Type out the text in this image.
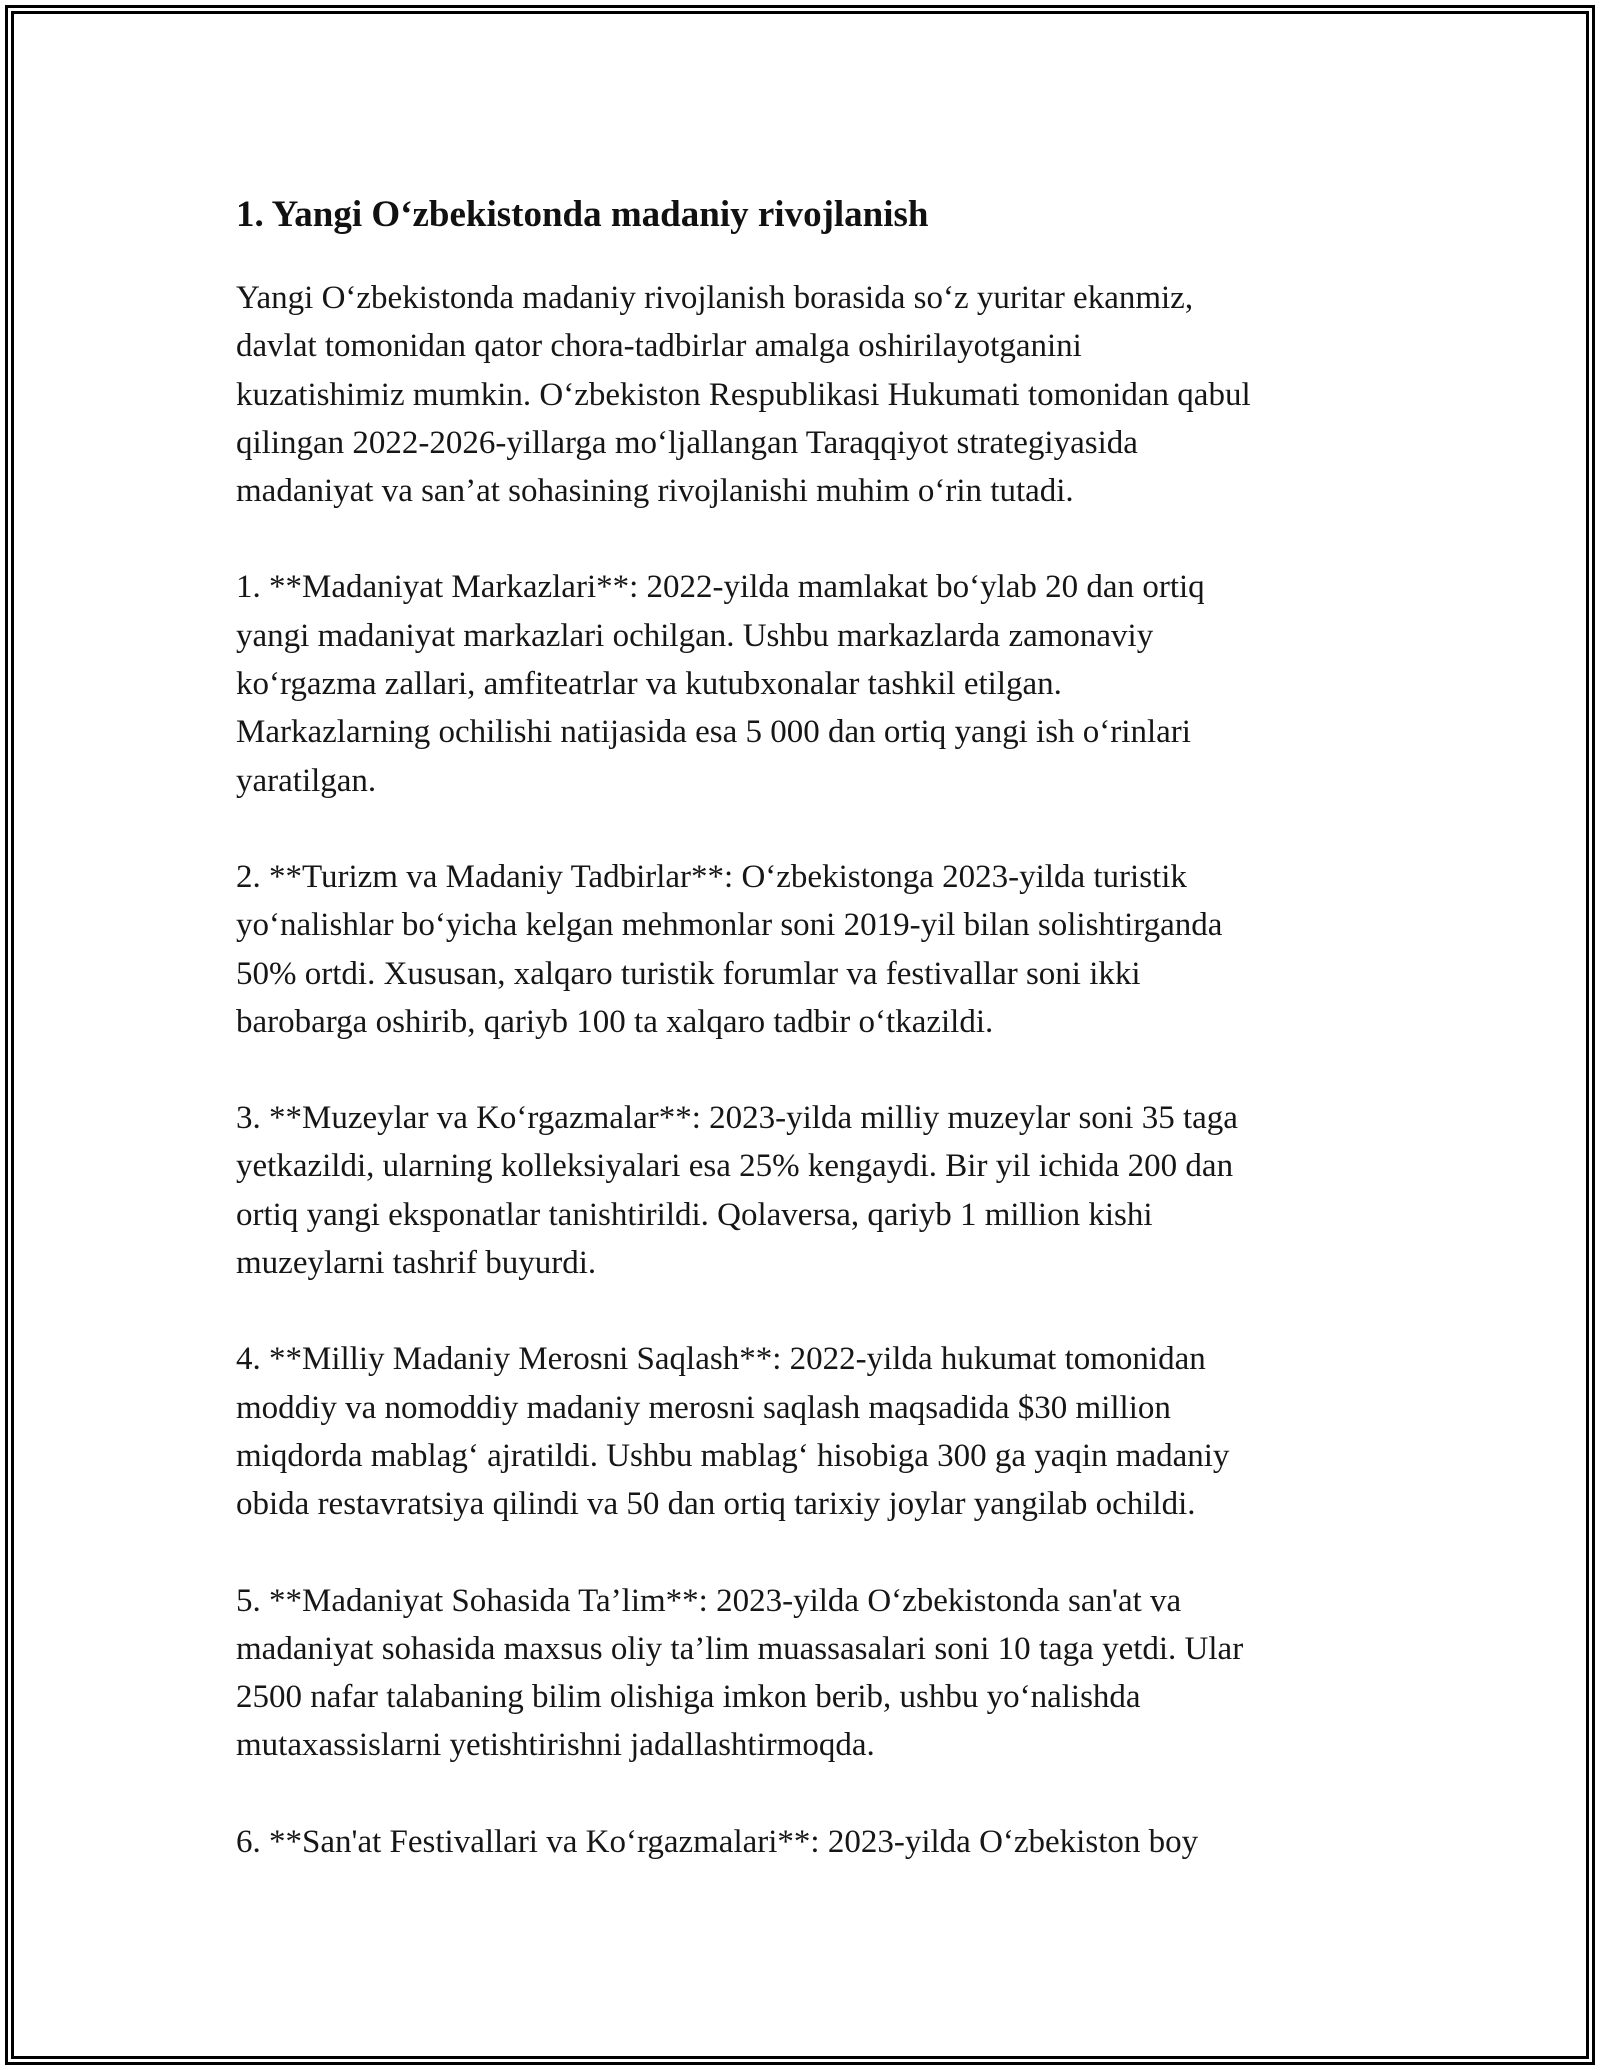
1. Yangi O‘zbekistonda madaniy rivojlanish

Yangi O‘zbekistonda madaniy rivojlanish borasida so‘z yuritar ekanmiz,
davlat tomonidan qator chora-tadbirlar amalga oshirilayotganini
kuzatishimiz mumkin. O‘zbekiston Respublikasi Hukumati tomonidan qabul
qilingan 2022-2026-yillarga mo‘ljallangan Taraqqiyot strategiyasida
madaniyat va san’at sohasining rivojlanishi muhim o‘rin tutadi.

1. **Madaniyat Markazlari**: 2022-yilda mamlakat bo‘ylab 20 dan ortiq
yangi madaniyat markazlari ochilgan. Ushbu markazlarda zamonaviy
ko‘rgazma zallari, amfiteatrlar va kutubxonalar tashkil etilgan.
Markazlarning ochilishi natijasida esa 5 000 dan ortiq yangi ish o‘rinlari
yaratilgan.

2. **Turizm va Madaniy Tadbirlar**: O‘zbekistonga 2023-yilda turistik
yo‘nalishlar bo‘yicha kelgan mehmonlar soni 2019-yil bilan solishtirganda
50% ortdi. Xususan, xalqaro turistik forumlar va festivallar soni ikki
barobarga oshirib, qariyb 100 ta xalqaro tadbir o‘tkazildi.

3. **Muzeylar va Ko‘rgazmalar**: 2023-yilda milliy muzeylar soni 35 taga
yetkazildi, ularning kolleksiyalari esa 25% kengaydi. Bir yil ichida 200 dan
ortiq yangi eksponatlar tanishtirildi. Qolaversa, qariyb 1 million kishi
muzeylarni tashrif buyurdi.

4. **Milliy Madaniy Merosni Saqlash**: 2022-yilda hukumat tomonidan
moddiy va nomoddiy madaniy merosni saqlash maqsadida $30 million
miqdorda mablag‘ ajratildi. Ushbu mablag‘ hisobiga 300 ga yaqin madaniy
obida restavratsiya qilindi va 50 dan ortiq tarixiy joylar yangilab ochildi.

5. **Madaniyat Sohasida Ta’lim**: 2023-yilda O‘zbekistonda san'at va
madaniyat sohasida maxsus oliy ta’lim muassasalari soni 10 taga yetdi. Ular
2500 nafar talabaning bilim olishiga imkon berib, ushbu yo‘nalishda
mutaxassislarni yetishtirishni jadallashtirmoqda.

6. **San'at Festivallari va Ko‘rgazmalari**: 2023-yilda O‘zbekiston boy
